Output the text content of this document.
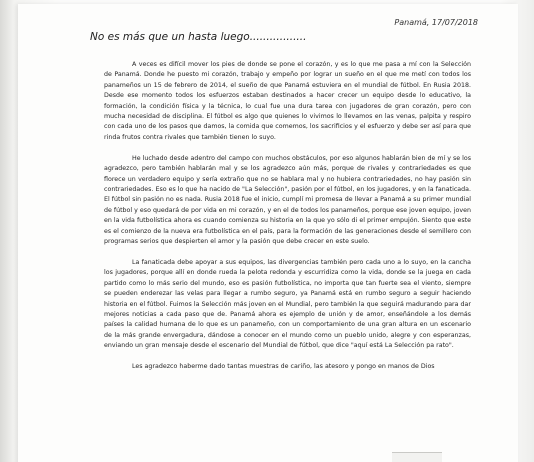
Panamá, 17/07/2018
No es más que un hasta luego.................

A veces es difícil mover los pies de donde se pone el corazón, y es lo que me pasa a mí con la Selección de Panamá. Donde he puesto mi corazón, trabajo y empeño por lograr un sueño en el que me metí con todos los panameños un 15 de febrero de 2014, el sueño de que Panamá estuviera en el mundial de fútbol. En Rusia 2018. Desde ese momento todos los esfuerzos estaban destinados a hacer crecer un equipo desde lo educativo, la formación, la condición física y la técnica, lo cual fue una dura tarea con jugadores de gran corazón, pero con mucha necesidad de disciplina. El fútbol es algo que quienes lo vivimos lo llevamos en las venas, palpita y respiro con cada uno de los pasos que damos, la comida que comemos, los sacrificios y el esfuerzo y debe ser así para que rinda frutos contra rivales que también tienen lo suyo.

He luchado desde adentro del campo con muchos obstáculos, por eso algunos hablarán bien de mí y se los agradezco, pero también hablarán mal y se los agradezco aún más, porque de rivales y contrariedades es que florece un verdadero equipo y sería extraño que no se hablara mal y no hubiera contrariedades, no hay pasión sin contrariedades. Eso es lo que ha nacido de "La Selección", pasión por el fútbol, en los jugadores, y en la fanaticada. El fútbol sin pasión no es nada. Rusia 2018 fue el inicio, cumplí mi promesa de llevar a Panamá a su primer mundial de fútbol y eso quedará de por vida en mi corazón, y en el de todos los panameños, porque ese joven equipo, joven en la vida futbolística ahora es cuando comienza su historia en la que yo sólo di el primer empujón. Siento que este es el comienzo de la nueva era futbolística en el país, para la formación de las generaciones desde el semillero con programas serios que despierten el amor y la pasión que debe crecer en este suelo.

La fanaticada debe apoyar a sus equipos, las divergencias también pero cada uno a lo suyo, en la cancha los jugadores, porque allí en donde rueda la pelota redonda y escurridiza como la vida, donde se la juega en cada partido como lo más serio del mundo, eso es pasión futbolística, no importa que tan fuerte sea el viento, siempre se pueden enderezar las velas para llegar a rumbo seguro, ya Panamá está en rumbo seguro a seguir haciendo historia en el fútbol. Fuimos la Selección más joven en el Mundial, pero también la que seguirá madurando para dar mejores noticias a cada paso que de. Panamá ahora es ejemplo de unión y de amor, enseñándole a los demás países la calidad humana de lo que es un panameño, con un comportamiento de una gran altura en un escenario de la más grande envergadura, dándose a conocer en el mundo como un pueblo unido, alegre y con esperanzas, enviando un gran mensaje desde el escenario del Mundial de fútbol, que dice "aquí está La Selección pa rato".

Les agradezco haberme dado tantas muestras de cariño, las atesoro y pongo en manos de Dios
